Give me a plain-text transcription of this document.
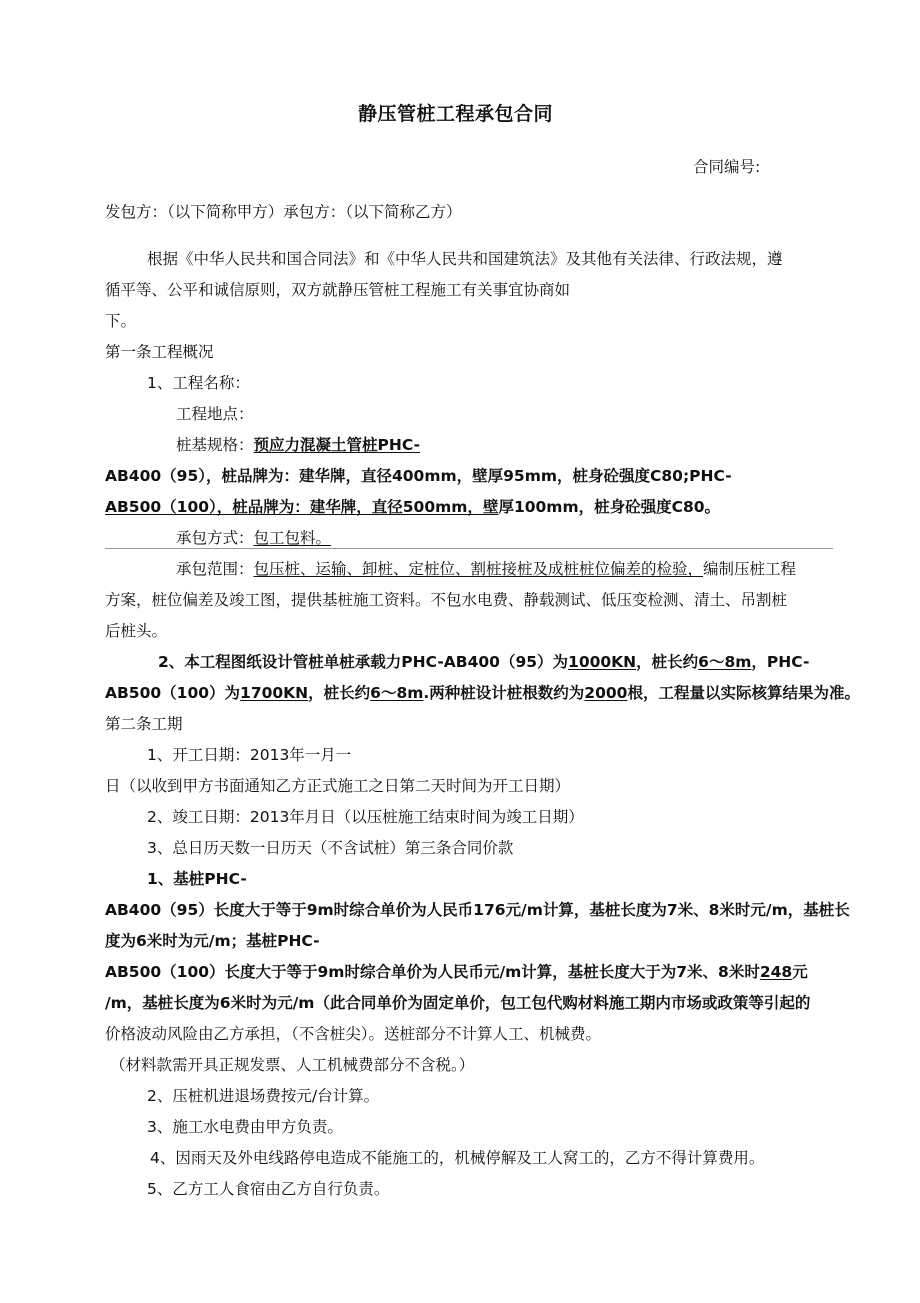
静压管桩工程承包合同
合同编号:
发包方：（以下简称甲方）承包方：（以下简称乙方）
根据《中华人民共和国合同法》和《中华人民共和国建筑法》及其他有关法律、行政法规，遵
循平等、公平和诚信原则，双方就静压管桩工程施工有关事宜协商如
下。
第一条工程概况
1、工程名称：
工程地点：
桩基规格：预应力混凝土管桩PHC-
AB400（95），桩品牌为：建华牌，直径400mm，壁厚95mm，桩身砼强度C80;PHC-
AB500（100），桩品牌为：建华牌，直径500mm，壁厚100mm，桩身砼强度C80。
承包方式：包工包料。
承包范围：包压桩、运输、卸桩、定桩位、割桩接桩及成桩桩位偏差的检验，编制压桩工程
方案，桩位偏差及竣工图，提供基桩施工资料。不包水电费、静载测试、低压变检测、清土、吊割桩
后桩头。
2、本工程图纸设计管桩单桩承载力PHC-AB400（95）为1000KN，桩长约6～8m，PHC-
AB500（100）为1700KN，桩长约6～8m.两种桩设计桩根数约为2000根，工程量以实际核算结果为准。
第二条工期
1、开工日期：2013年一月一
日（以收到甲方书面通知乙方正式施工之日第二天时间为开工日期）
2、竣工日期：2013年月日（以压桩施工结束时间为竣工日期）
3、总日历天数一日历天（不含试桩）第三条合同价款
1、基桩PHC-
AB400（95）长度大于等于9m时综合单价为人民币176元/m计算，基桩长度为7米、8米时元/m，基桩长
度为6米时为元/m；基桩PHC-
AB500（100）长度大于等于9m时综合单价为人民币元/m计算，基桩长度大于为7米、8米时248元
/m，基桩长度为6米时为元/m（此合同单价为固定单价，包工包代购材料施工期内市场或政策等引起的
价格波动风险由乙方承担，（不含桩尖）。送桩部分不计算人工、机械费。
（材料款需开具正规发票、人工机械费部分不含税。）
2、压桩机进退场费按元/台计算。
3、施工水电费由甲方负责。
4、因雨天及外电线路停电造成不能施工的，机械停解及工人窝工的，乙方不得计算费用。
5、乙方工人食宿由乙方自行负责。
